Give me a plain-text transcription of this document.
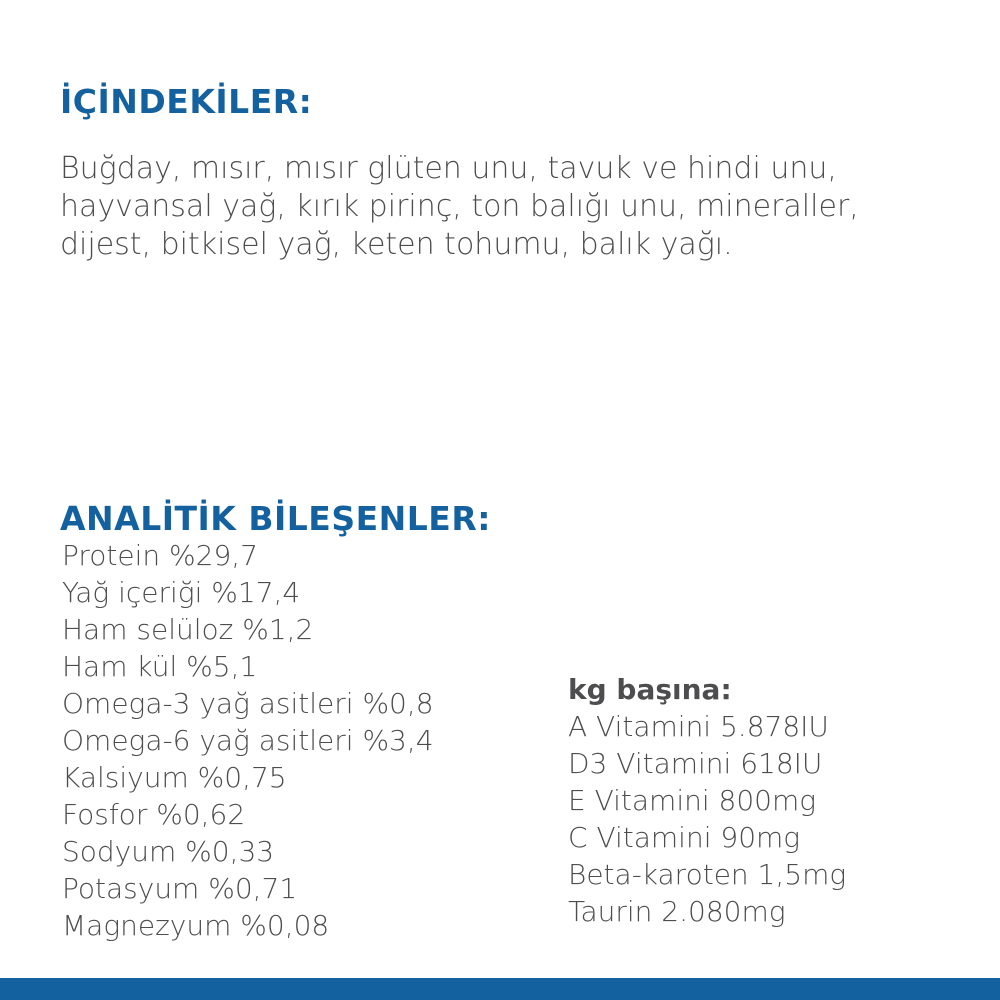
İÇİNDEKİLER:

Buğday, mısır, mısır glüten unu, tavuk ve hindi unu, hayvansal yağ, kırık pirinç, ton balığı unu, mineraller, dijest, bitkisel yağ, keten tohumu, balık yağı.

ANALİTİK BİLEŞENLER:
Protein %29,7
Yağ içeriği %17,4
Ham selüloz %1,2
Ham kül %5,1
Omega-3 yağ asitleri %0,8
Omega-6 yağ asitleri %3,4
Kalsiyum %0,75
Fosfor %0,62
Sodyum %0,33
Potasyum %0,71
Magnezyum %0,08
kg başına:
A Vitamini 5.878IU
D3 Vitamini 618IU
E Vitamini 800mg
C Vitamini 90mg
Beta-karoten 1,5mg
Taurin 2.080mg
